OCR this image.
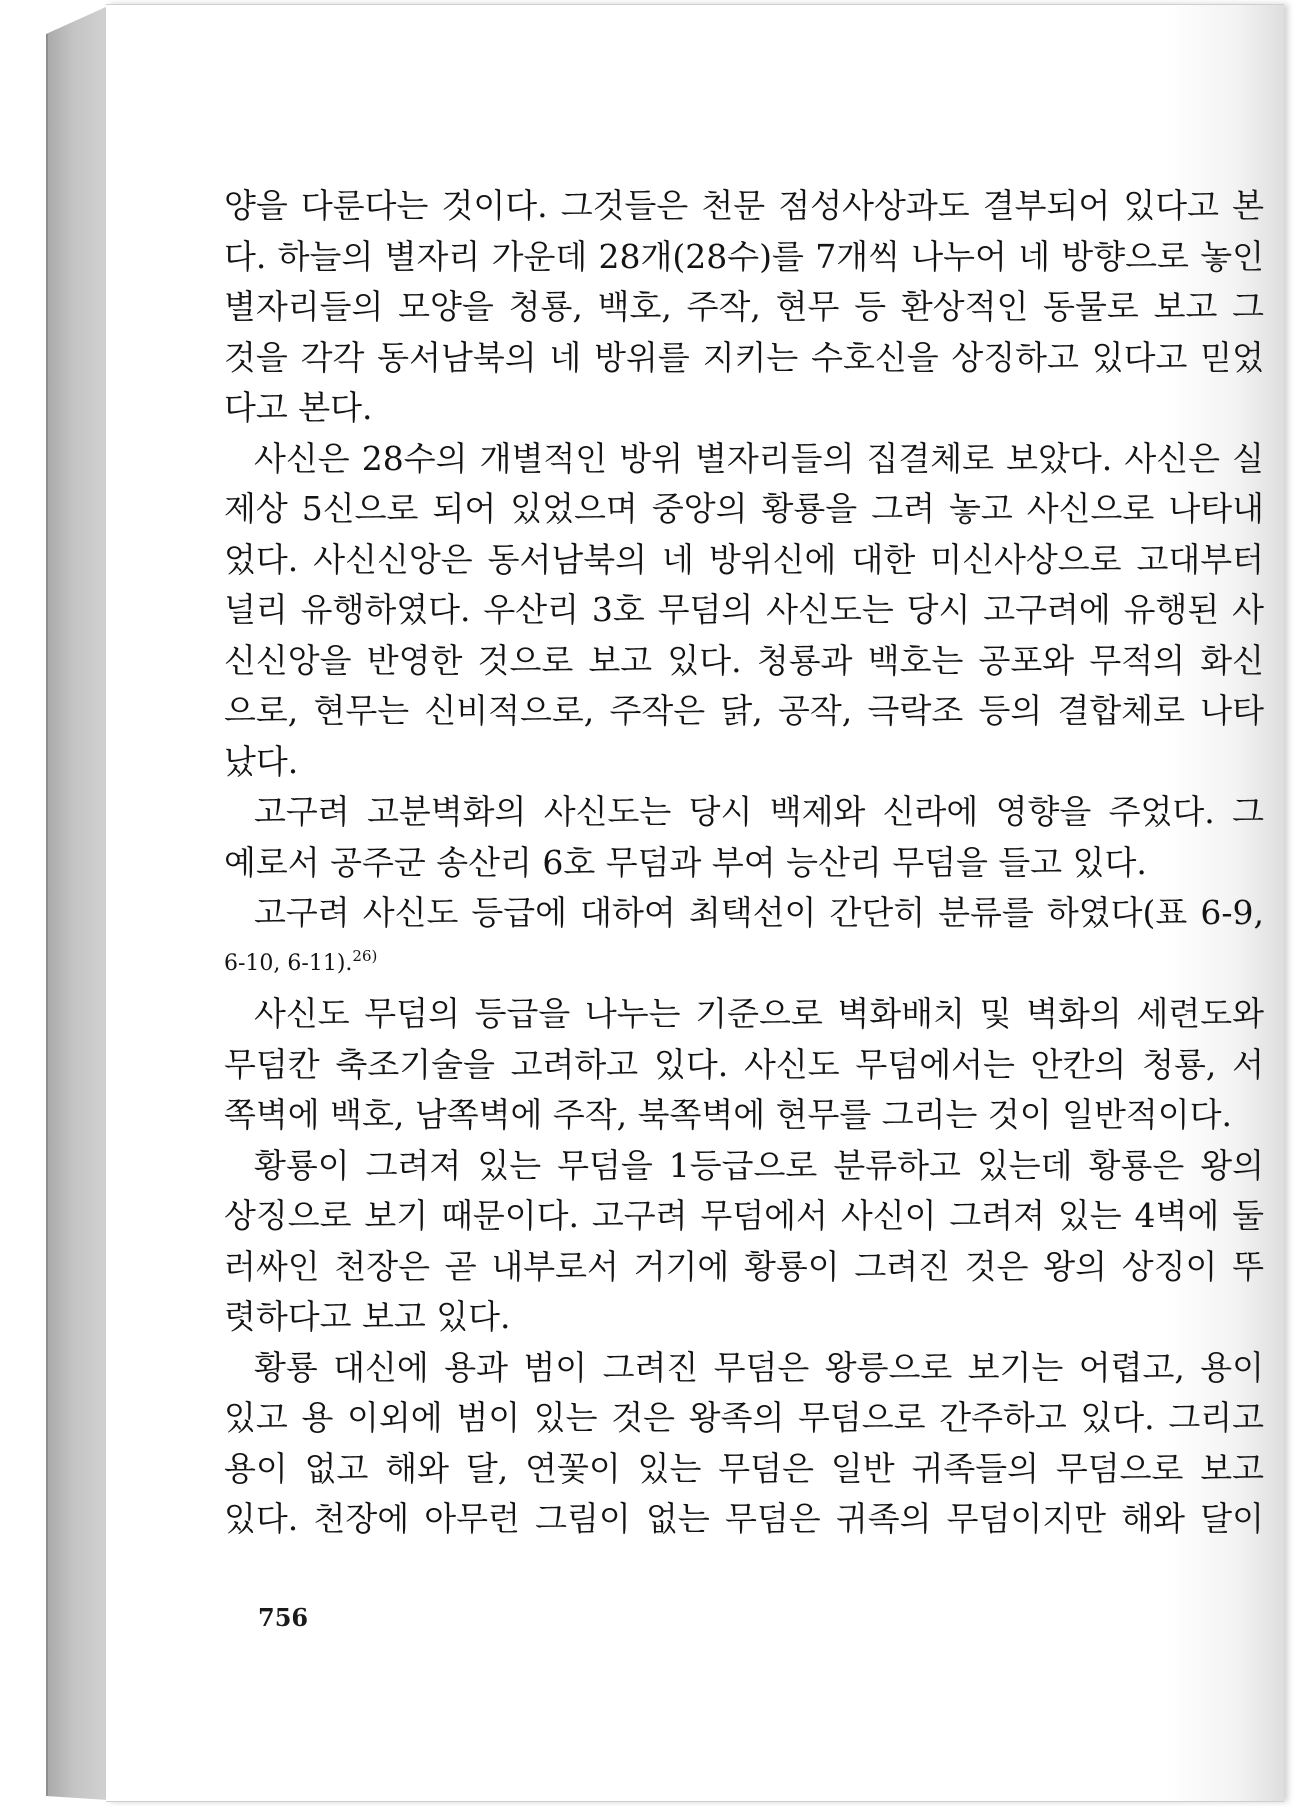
양을 다룬다는 것이다. 그것들은 천문 점성사상과도 결부되어 있다고 본
다. 하늘의 별자리 가운데 28개(28수)를 7개씩 나누어 네 방향으로 놓인
별자리들의 모양을 청룡, 백호, 주작, 현무 등 환상적인 동물로 보고 그
것을 각각 동서남북의 네 방위를 지키는 수호신을 상징하고 있다고 믿었
다고 본다.
사신은 28수의 개별적인 방위 별자리들의 집결체로 보았다. 사신은 실
제상 5신으로 되어 있었으며 중앙의 황룡을 그려 놓고 사신으로 나타내
었다. 사신신앙은 동서남북의 네 방위신에 대한 미신사상으로 고대부터
널리 유행하였다. 우산리 3호 무덤의 사신도는 당시 고구려에 유행된 사
신신앙을 반영한 것으로 보고 있다. 청룡과 백호는 공포와 무적의 화신
으로, 현무는 신비적으로, 주작은 닭, 공작, 극락조 등의 결합체로 나타
났다.
고구려 고분벽화의 사신도는 당시 백제와 신라에 영향을 주었다. 그
예로서 공주군 송산리 6호 무덤과 부여 능산리 무덤을 들고 있다.
고구려 사신도 등급에 대하여 최택선이 간단히 분류를 하였다(표 6-9,
6-10, 6-11).$^{26)}$
사신도 무덤의 등급을 나누는 기준으로 벽화배치 및 벽화의 세련도와
무덤칸 축조기술을 고려하고 있다. 사신도 무덤에서는 안칸의 청룡, 서
쪽벽에 백호, 남쪽벽에 주작, 북쪽벽에 현무를 그리는 것이 일반적이다.
황룡이 그려져 있는 무덤을 1등급으로 분류하고 있는데 황룡은 왕의
상징으로 보기 때문이다. 고구려 무덤에서 사신이 그려져 있는 4벽에 둘
러싸인 천장은 곧 내부로서 거기에 황룡이 그려진 것은 왕의 상징이 뚜
렷하다고 보고 있다.
황룡 대신에 용과 범이 그려진 무덤은 왕릉으로 보기는 어렵고, 용이
있고 용 이외에 범이 있는 것은 왕족의 무덤으로 간주하고 있다. 그리고
용이 없고 해와 달, 연꽃이 있는 무덤은 일반 귀족들의 무덤으로 보고
있다. 천장에 아무런 그림이 없는 무덤은 귀족의 무덤이지만 해와 달이
756
